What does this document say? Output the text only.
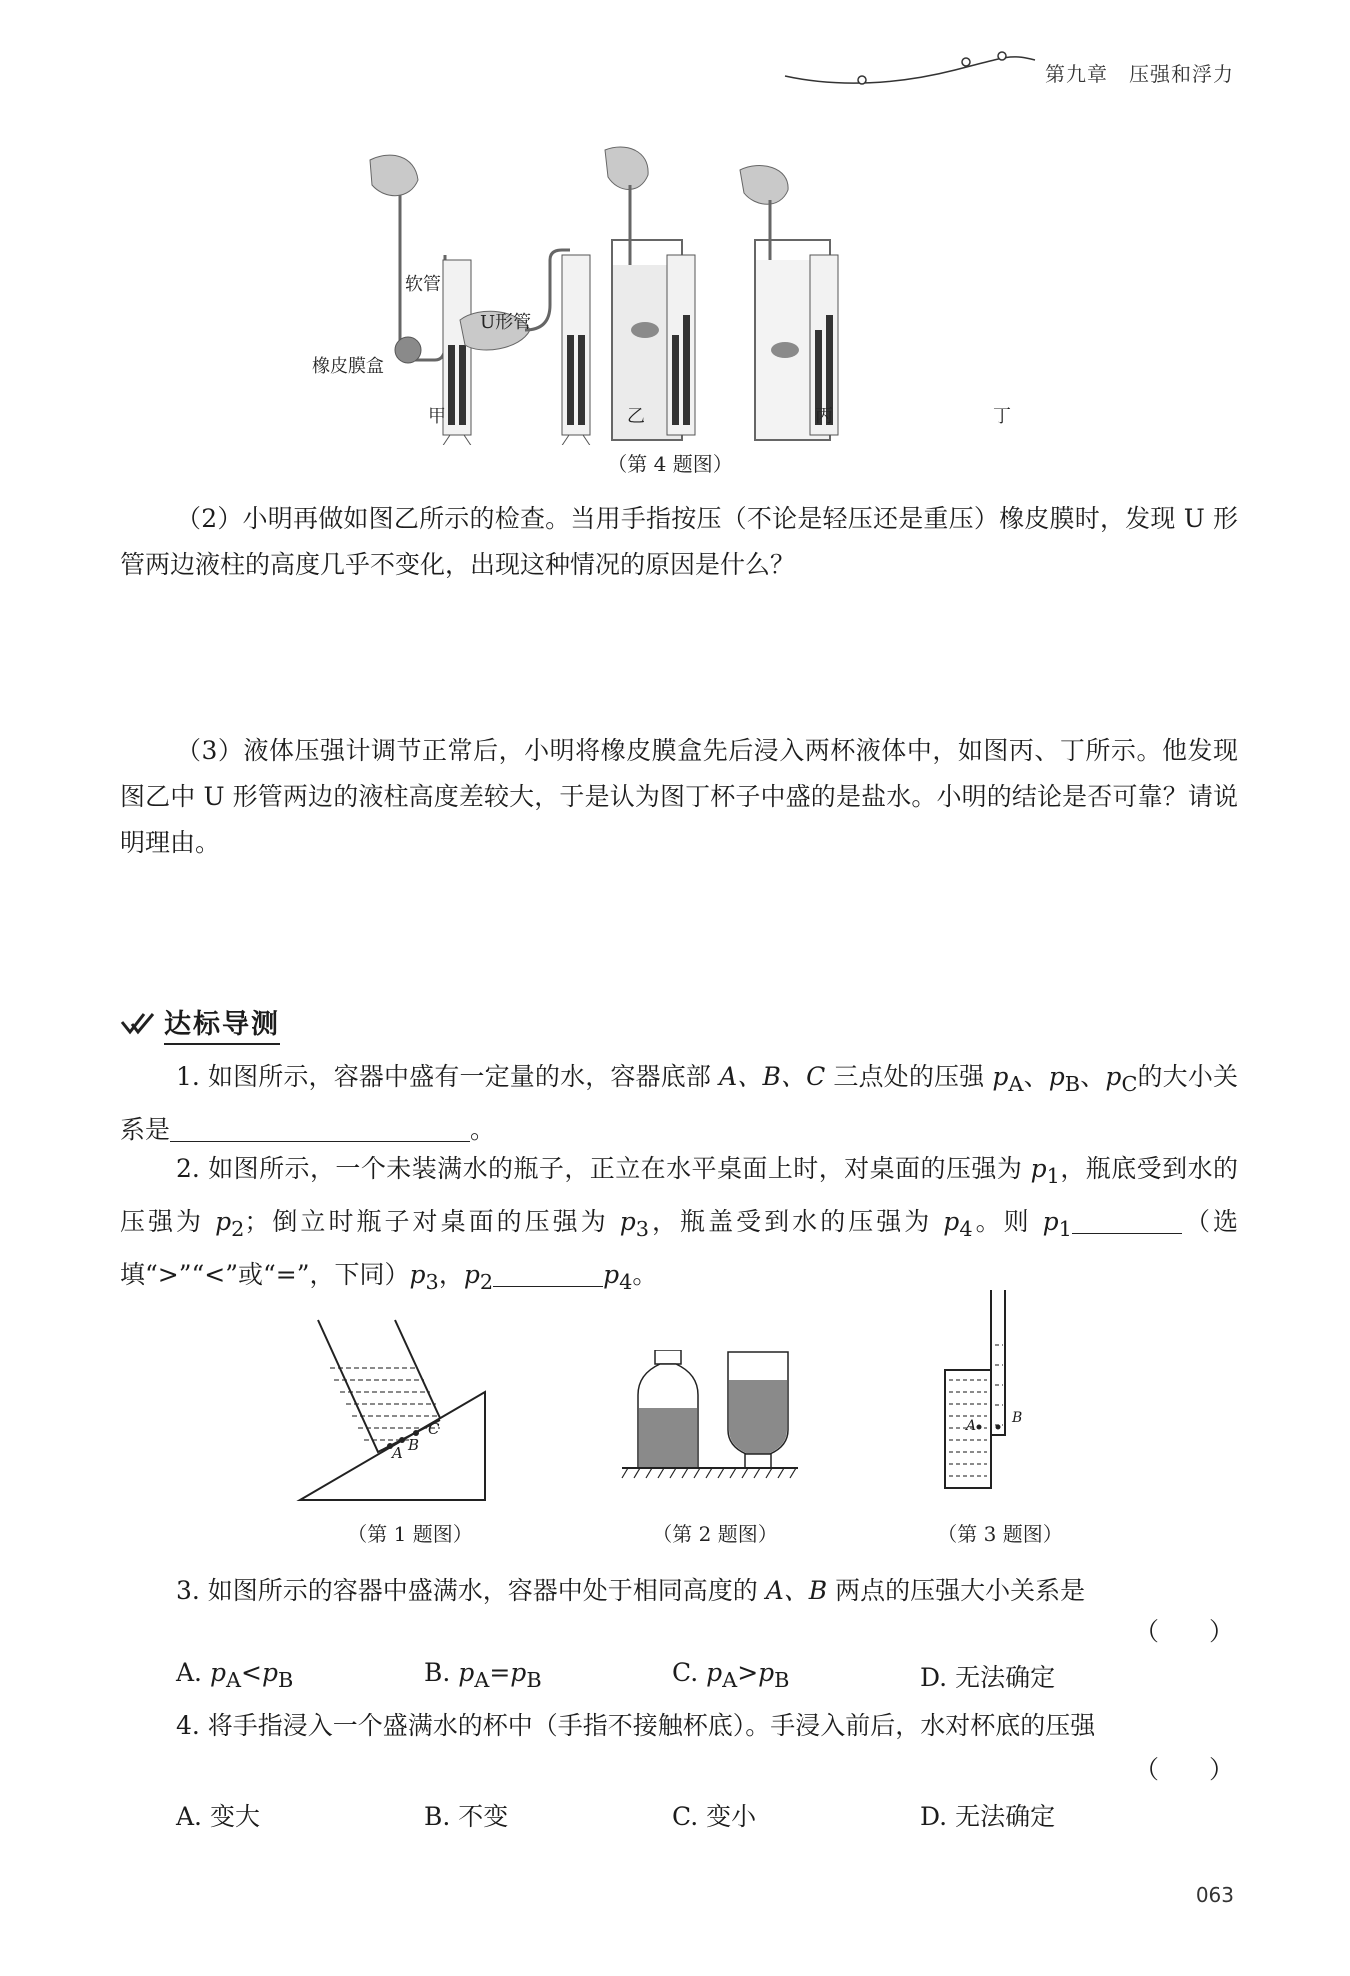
第九章　压强和浮力
软管
U形管
橡皮膜盒
甲	乙	丙	丁
（第 4 题图）
（2）小明再做如图乙所示的检查。当用手指按压（不论是轻压还是重压）橡皮膜时，发现 U 形管两边液柱的高度几乎不变化，出现这种情况的原因是什么？
（3）液体压强计调节正常后，小明将橡皮膜盒先后浸入两杯液体中，如图丙、丁所示。他发现图乙中 U 形管两边的液柱高度差较大，于是认为图丁杯子中盛的是盐水。小明的结论是否可靠？请说明理由。
达标导测
1. 如图所示，容器中盛有一定量的水，容器底部 A、B、C 三点处的压强 $p_A$、$p_B$、$p_C$的大小关系是	。
2. 如图所示，一个未装满水的瓶子，正立在水平桌面上时，对桌面的压强为 $p_1$，瓶底受到水的压强为 $p_2$；倒立时瓶子对桌面的压强为 $p_3$，瓶盖受到水的压强为 $p_4$。则 $p_1$	（选填“>”“<”或“=”，下同）$p_3$，$p_2$	$p_4$。
A B
C
（第 1 题图）	（第 2 题图）
A	B
（第 3 题图）
3. 如图所示的容器中盛满水，容器中处于相同高度的 A、B 两点的压强大小关系是
（　　）
A. $p_A<p_B$	B. $p_A=p_B$	C. $p_A>p_B$	D. 无法确定
4. 将手指浸入一个盛满水的杯中（手指不接触杯底）。手浸入前后，水对杯底的压强
（　　）
A. 变大	B. 不变	C. 变小	D. 无法确定
063
